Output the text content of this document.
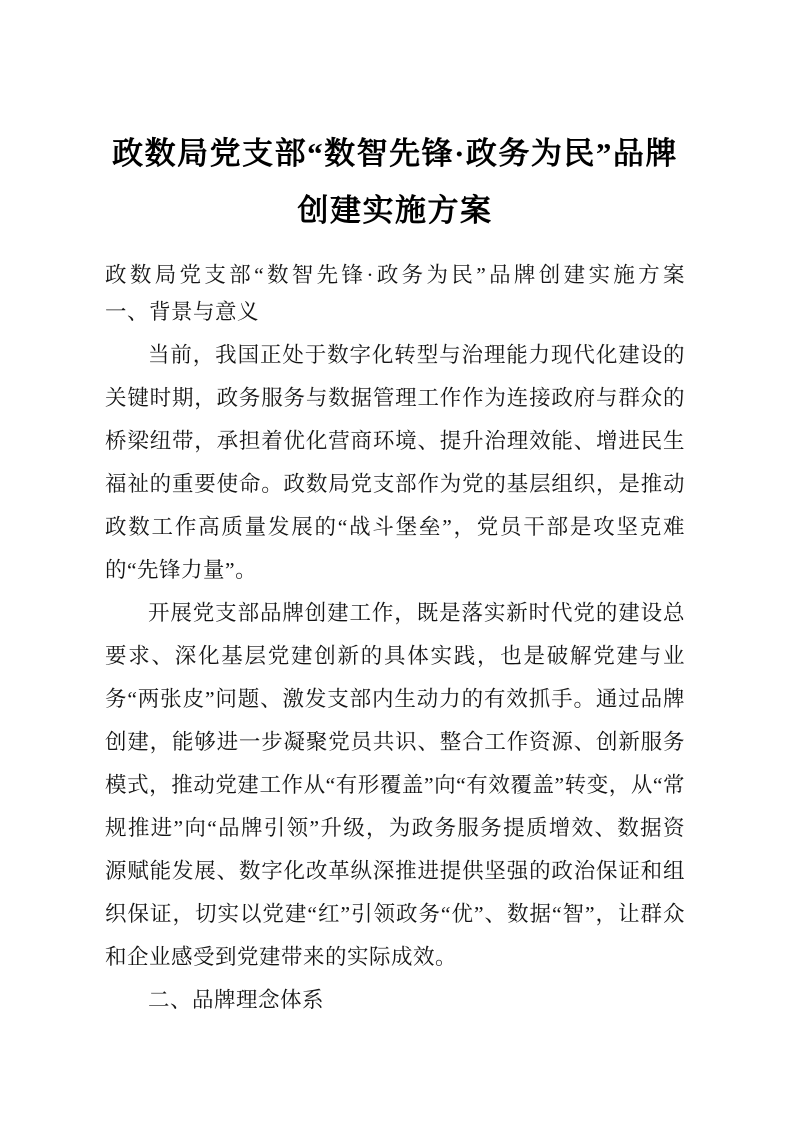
政数局党支部“数智先锋·政务为民”品牌
创建实施方案

政数局党支部“数智先锋·政务为民”品牌创建实施方案　 一、背景与意义

当前，我国正处于数字化转型与治理能力现代化建设的关键时期，政务服务与数据管理工作作为连接政府与群众的桥梁纽带，承担着优化营商环境、提升治理效能、增进民生福祉的重要使命。政数局党支部作为党的基层组织，是推动政数工作高质量发展的“战斗堡垒”，党员干部是攻坚克难的“先锋力量”。

开展党支部品牌创建工作，既是落实新时代党的建设总要求、深化基层党建创新的具体实践，也是破解党建与业务“两张皮”问题、激发支部内生动力的有效抓手。通过品牌创建，能够进一步凝聚党员共识、整合工作资源、创新服务模式，推动党建工作从“有形覆盖”向“有效覆盖”转变，从“常规推进”向“品牌引领”升级，为政务服务提质增效、数据资源赋能发展、数字化改革纵深推进提供坚强的政治保证和组织保证，切实以党建“红”引领政务“优”、数据“智”，让群众和企业感受到党建带来的实际成效。

二、品牌理念体系
